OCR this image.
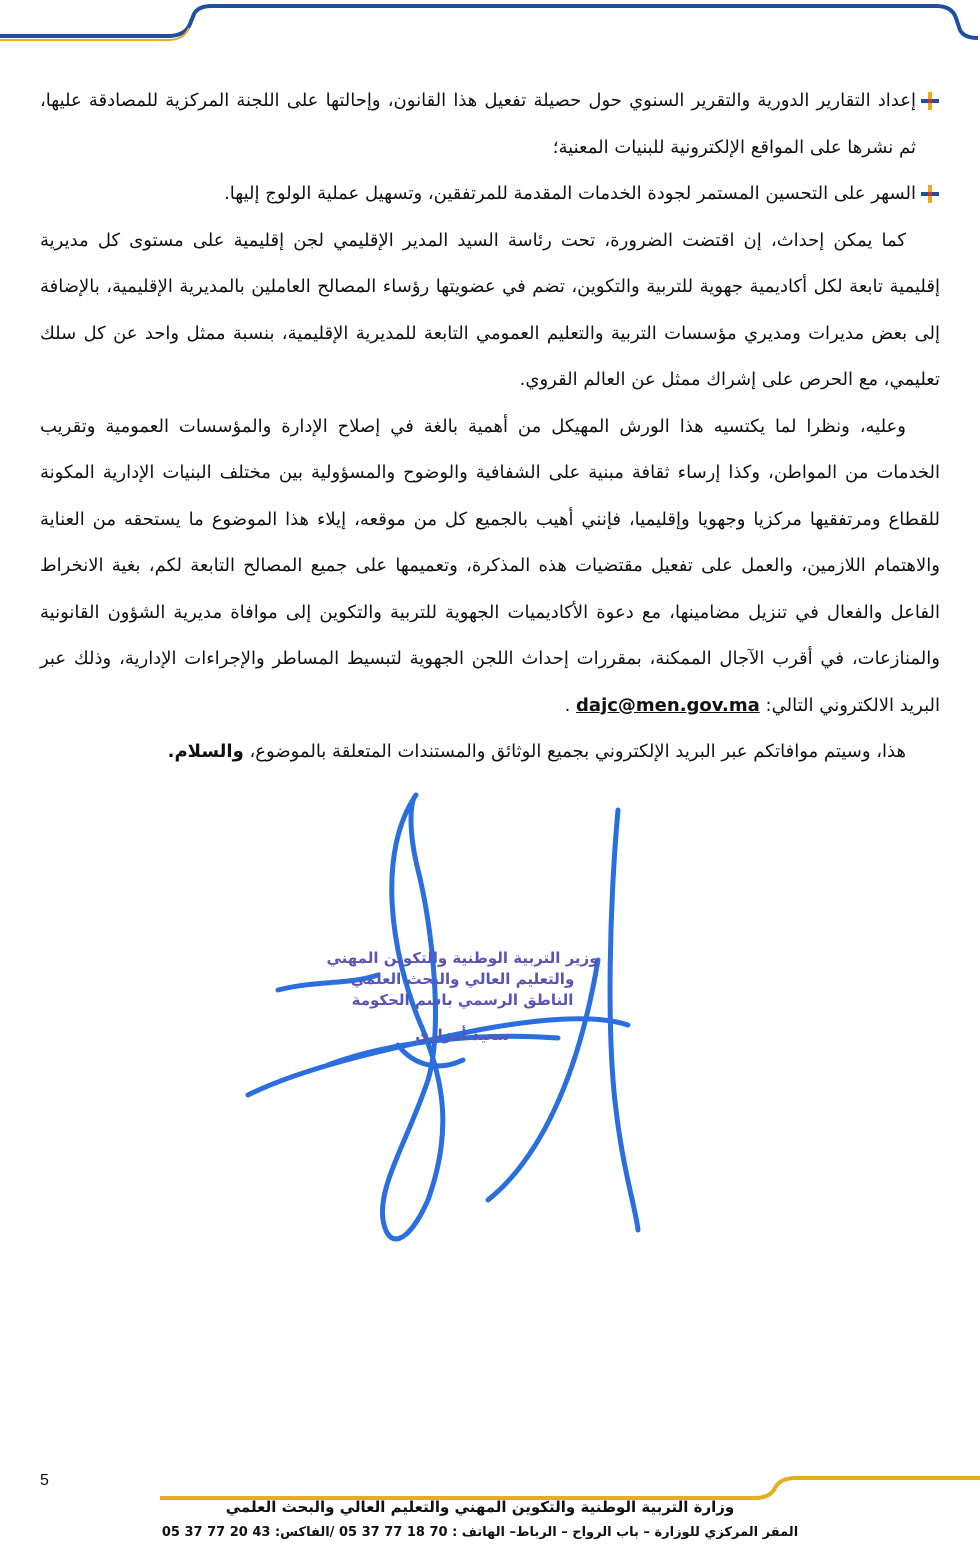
إعداد التقارير الدورية والتقرير السنوي حول حصيلة تفعيل هذا القانون، وإحالتها على اللجنة المركزية للمصادقة عليها، ثم نشرها على المواقع الإلكترونية للبنيات المعنية؛

السهر على التحسين المستمر لجودة الخدمات المقدمة للمرتفقين، وتسهيل عملية الولوج إليها.

كما يمكن إحداث، إن اقتضت الضرورة، تحت رئاسة السيد المدير الإقليمي لجن إقليمية على مستوى كل مديرية إقليمية تابعة لكل أكاديمية جهوية للتربية والتكوين، تضم في عضويتها رؤساء المصالح العاملين بالمديرية الإقليمية، بالإضافة إلى بعض مديرات ومديري مؤسسات التربية والتعليم العمومي التابعة للمديرية الإقليمية، بنسبة ممثل واحد عن كل سلك تعليمي، مع الحرص على إشراك ممثل عن العالم القروي.

وعليه، ونظرا لما يكتسيه هذا الورش المهيكل من أهمية بالغة في إصلاح الإدارة والمؤسسات العمومية وتقريب الخدمات من المواطن، وكذا إرساء ثقافة مبنية على الشفافية والوضوح والمسؤولية بين مختلف البنيات الإدارية المكونة للقطاع ومرتفقيها مركزيا وجهويا وإقليميا، فإنني أهيب بالجميع كل من موقعه، إيلاء هذا الموضوع ما يستحقه من العناية والاهتمام اللازمين، والعمل على تفعيل مقتضيات هذه المذكرة، وتعميمها على جميع المصالح التابعة لكم، بغية الانخراط الفاعل والفعال في تنزيل مضامينها، مع دعوة الأكاديميات الجهوية للتربية والتكوين إلى موافاة مديرية الشؤون القانونية والمنازعات، في أقرب الآجال الممكنة، بمقررات إحداث اللجن الجهوية لتبسيط المساطر والإجراءات الإدارية، وذلك عبر البريد الالكتروني التالي: dajc@men.gov.ma .

هذا، وسيتم موافاتكم عبر البريد الإلكتروني بجميع الوثائق والمستندات المتعلقة بالموضوع، والسلام.

وزير التربية الوطنية والتكوين المهني
والتعليم العالي والبحث العلمي
الناطق الرسمي باسم الحكومة
سعيد أمزازي
5
وزارة التربية الوطنية والتكوين المهني والتعليم العالي والبحث العلمي
المقر المركزي للوزارة – باب الرواح – الرباط– الهاتف : 70 18 77 37 05 /الفاكس: 43 20 77 37 05
